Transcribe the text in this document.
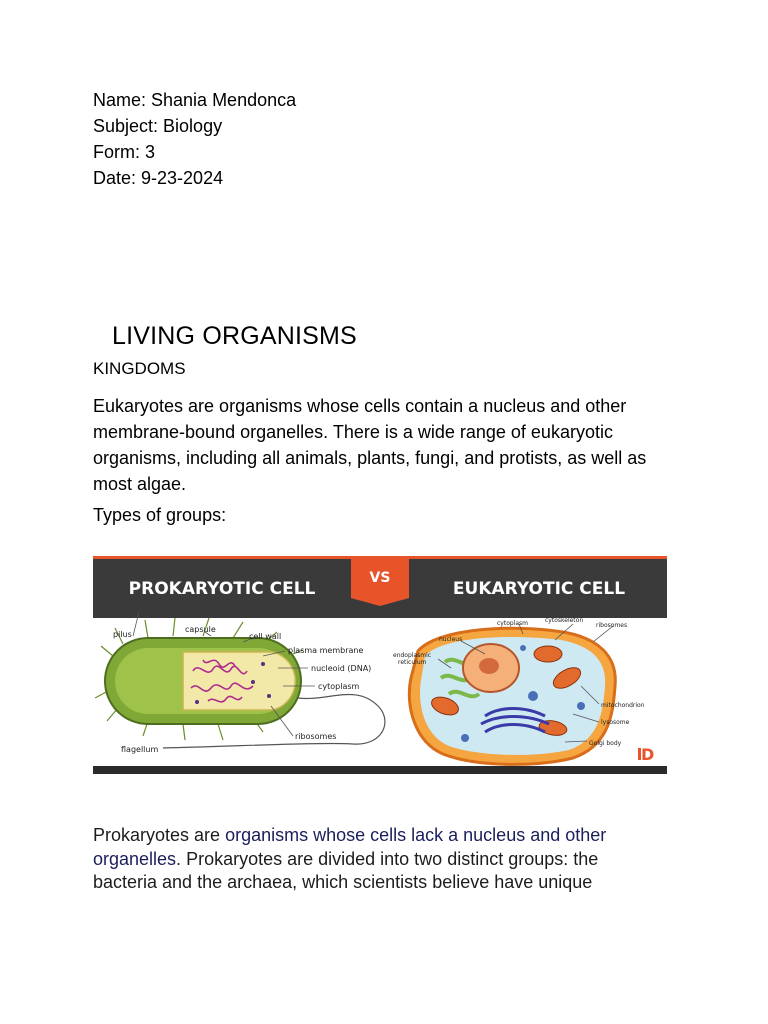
Name: Shania Mendonca
Subject: Biology
Form: 3
Date: 9-23-2024
LIVING ORGANISMS
KINGDOMS
Eukaryotes are organisms whose cells contain a nucleus and other
membrane-bound organelles. There is a wide range of eukaryotic
organisms, including all animals, plants, fungi, and protists, as well as
most algae.
Types of groups:
VS
PROKARYOTIC CELL	EUKARYOTIC CELL
pilus
capsule
cell wall
plasma membrane
nucleoid (DNA)
cytoplasm
ribosomes
flagellum
cytoplasm	cytoskeleton
ribosomes
nucleus
endoplasmic
reticulum
mitochondrion
lysosome
Golgi body
D
Prokaryotes are organisms whose cells lack a nucleus and other
organelles. Prokaryotes are divided into two distinct groups: the
bacteria and the archaea, which scientists believe have unique
